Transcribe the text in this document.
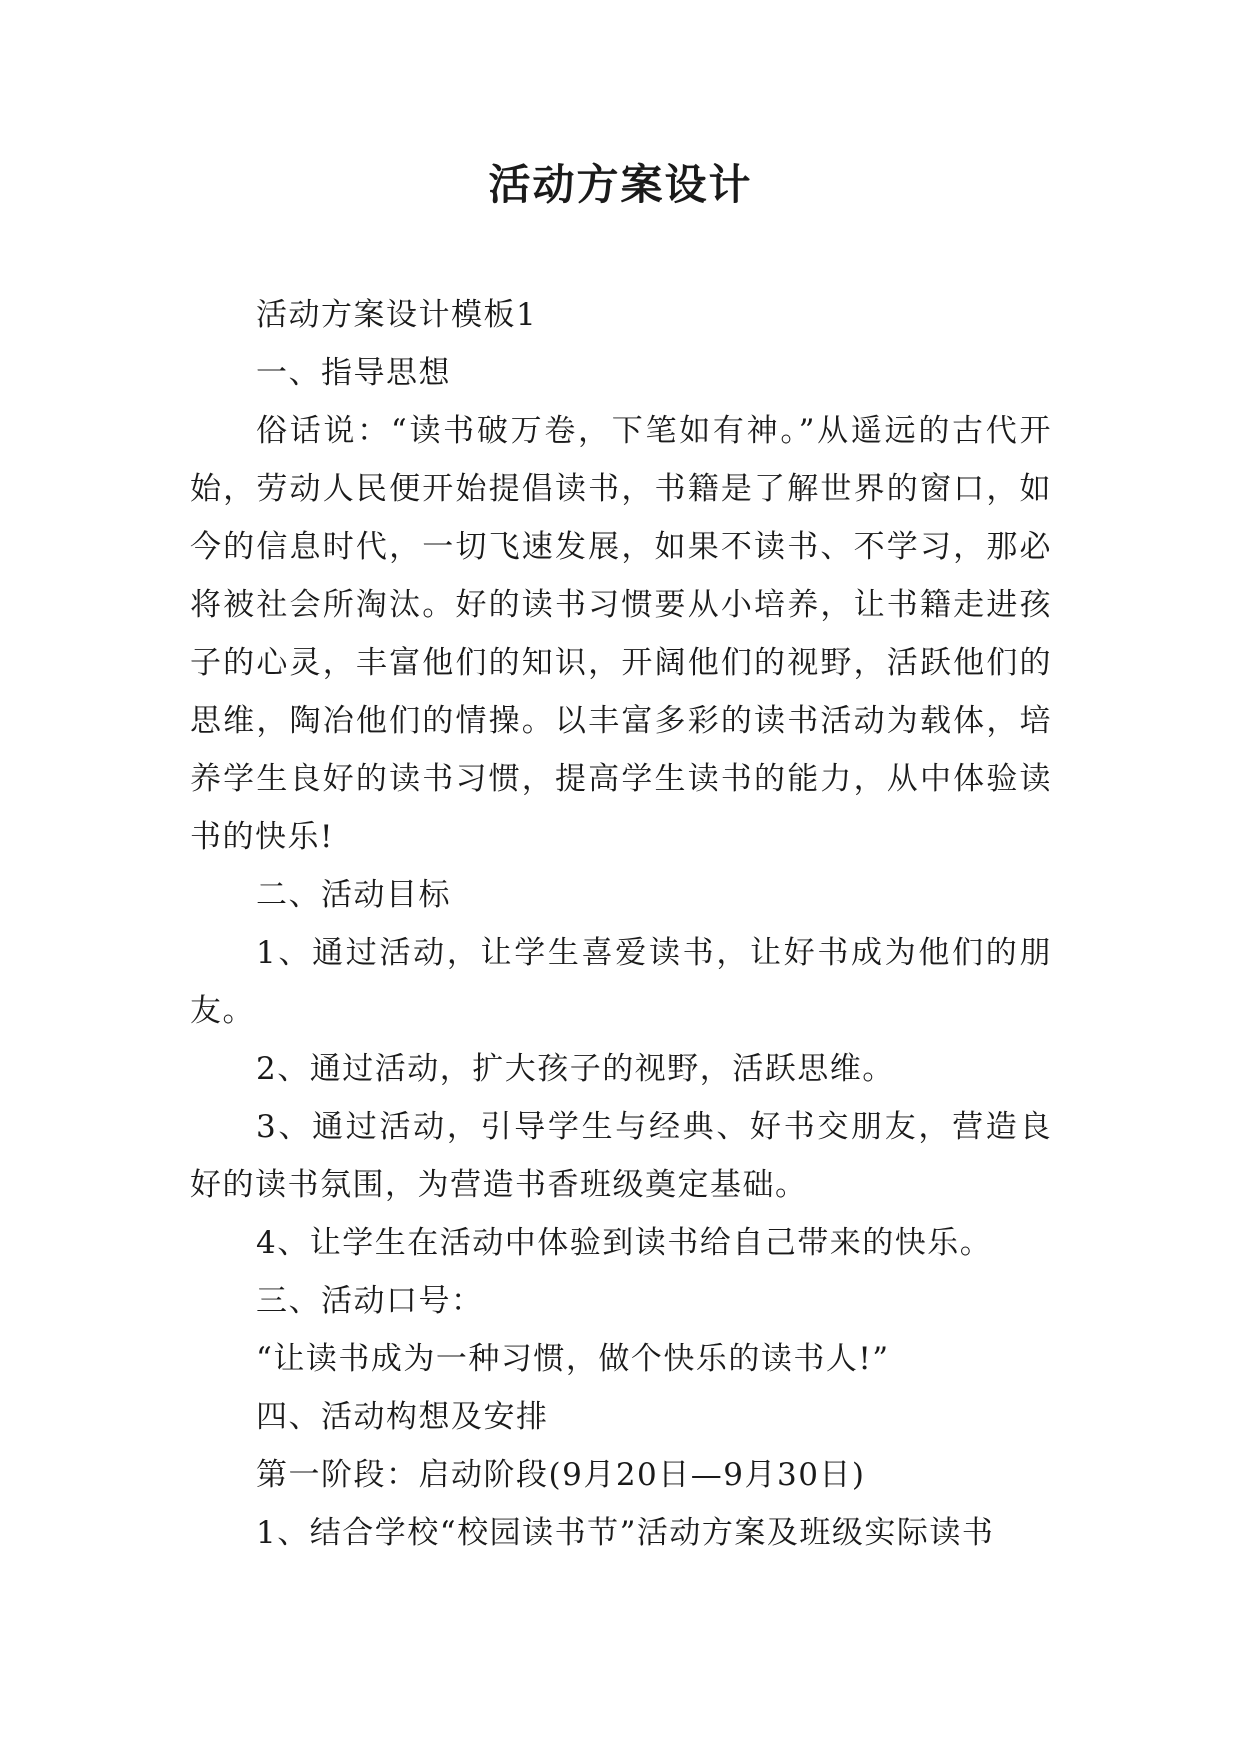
活动方案设计

活动方案设计模板1

一、指导思想

俗话说：“读书破万卷，下笔如有神。”从遥远的古代开始，劳动人民便开始提倡读书，书籍是了解世界的窗口，如今的信息时代，一切飞速发展，如果不读书、不学习，那必将被社会所淘汰。好的读书习惯要从小培养，让书籍走进孩子的心灵，丰富他们的知识，开阔他们的视野，活跃他们的思维，陶冶他们的情操。以丰富多彩的读书活动为载体，培养学生良好的读书习惯，提高学生读书的能力，从中体验读书的快乐!

二、活动目标

1、通过活动，让学生喜爱读书，让好书成为他们的朋友。

2、通过活动，扩大孩子的视野，活跃思维。

3、通过活动，引导学生与经典、好书交朋友，营造良好的读书氛围，为营造书香班级奠定基础。

4、让学生在活动中体验到读书给自己带来的快乐。

三、活动口号：

“让读书成为一种习惯，做个快乐的读书人!”

四、活动构想及安排

第一阶段：启动阶段(9月20日—9月30日)

1、结合学校“校园读书节”活动方案及班级实际读书
